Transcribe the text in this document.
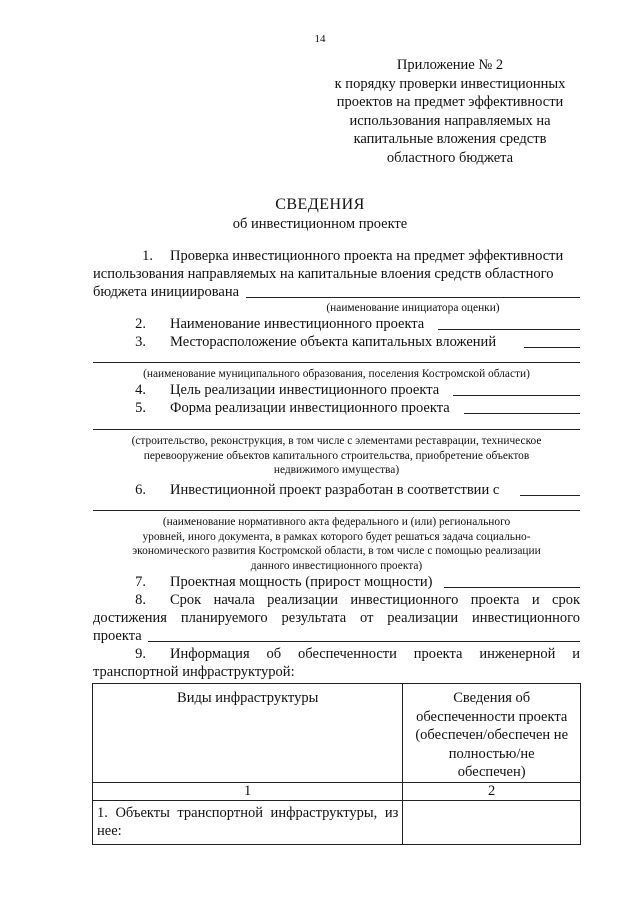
14
Приложение № 2
к порядку проверки инвестиционных
проектов на предмет эффективности
использования направляемых на
капитальные вложения средств
областного бюджета
СВЕДЕНИЯ
об инвестиционном проекте
1. Проверка инвестиционного проекта на предмет эффективности
использования направляемых на капитальные влоения средств областного
бюджета инициирована
(наименование инициатора оценки)
2. Наименование инвестиционного проекта
3. Месторасположение объекта капитальных вложений
(наименование муниципального образования, поселения Костромской области)
4. Цель реализации инвестиционного проекта
5. Форма реализации инвестиционного проекта
(строительство, реконструкция, в том числе с элементами реставрации, техническое
перевооружение объектов капитального строительства, приобретение объектов
недвижимого имущества)
6. Инвестиционной проект разработан в соответствии с
(наименование нормативного акта федерального и (или) регионального
уровней, иного документа, в рамках которого будет решаться задача социально-
экономического развития Костромской области, в том числе с помощью реализации
данного инвестиционного проекта)
7. Проектная мощность (прирост мощности)
8. Срок начала реализации инвестиционного проекта и срок
достижения планируемого результата от реализации инвестиционного
проекта
9. Информация об обеспеченности проекта инженерной и
транспортной инфраструктурой:
Виды инфраструктуры	Сведения об
обеспеченности проекта
(обеспечен/обеспечен не
полностью/не
обеспечен)

1	2
1. Объекты транспортной инфраструктуры, из нее:	
